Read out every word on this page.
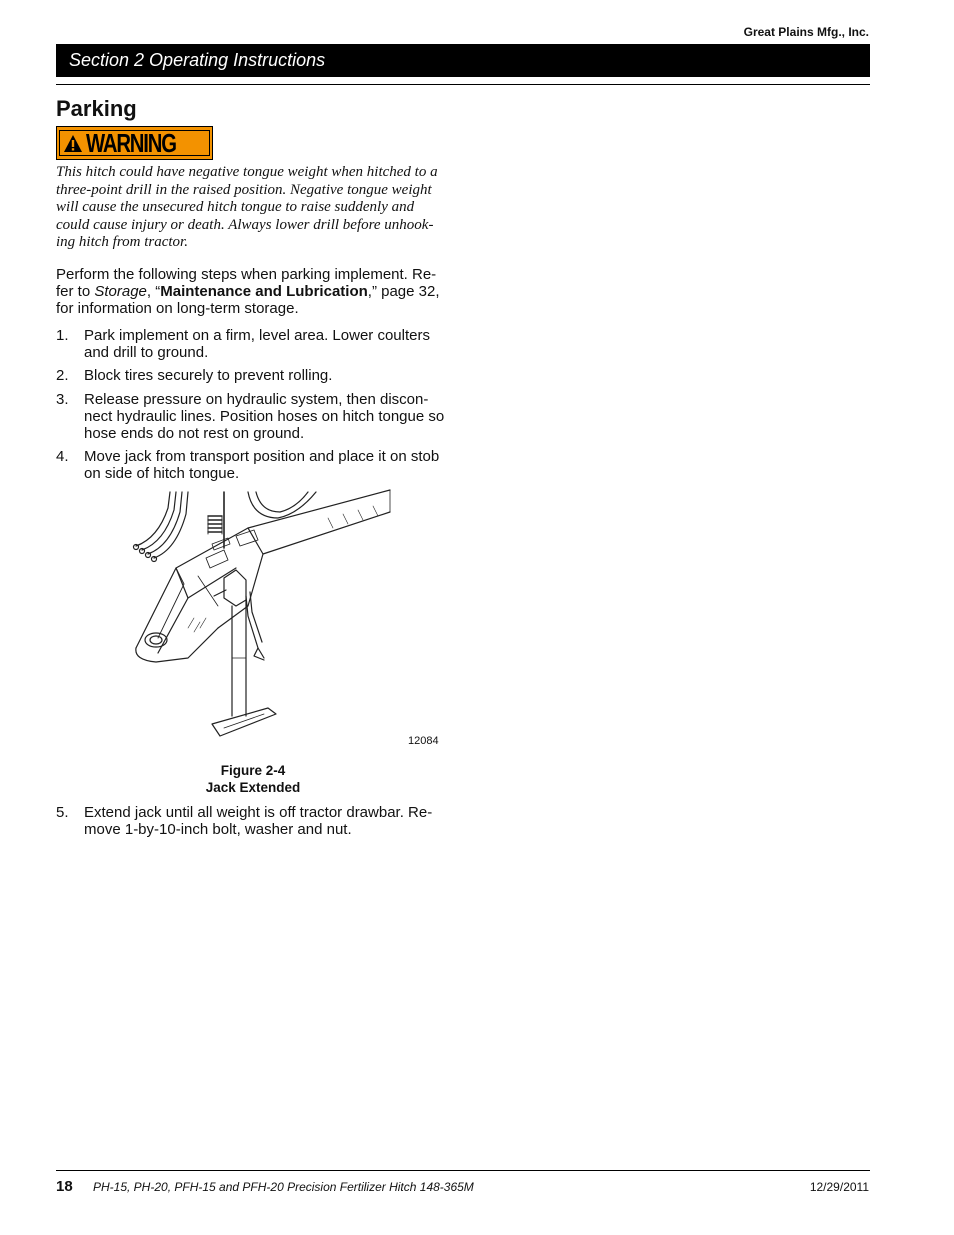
Great Plains Mfg., Inc.
Section 2 Operating Instructions
Parking
WARNING

This hitch could have negative tongue weight when hitched to a
three-point drill in the raised position. Negative tongue weight
will cause the unsecured hitch tongue to raise suddenly and
could cause injury or death. Always lower drill before unhook-
ing hitch from tractor.

Perform the following steps when parking implement. Re-
fer to Storage, “Maintenance and Lubrication,” page 32,
for information on long-term storage.

1. Park implement on a firm, level area. Lower coulters
and drill to ground.
2. Block tires securely to prevent rolling.
3. Release pressure on hydraulic system, then discon-
nect hydraulic lines. Position hoses on hitch tongue so
hose ends do not rest on ground.
4. Move jack from transport position and place it on stob
on side of hitch tongue.
12084
Figure 2-4
Jack Extended
5. Extend jack until all weight is off tractor drawbar. Re-
move 1-by-10-inch bolt, washer and nut.
18 PH-15, PH-20, PFH-15 and PFH-20 Precision Fertilizer Hitch 148-365M	12/29/2011
